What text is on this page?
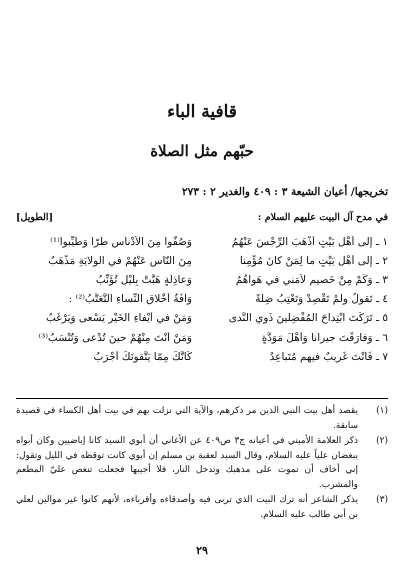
قافية الباء
حبّهم مثل الصلاة
تخريجها/ أعيان الشيعة ٣ : ٤٠٩ والغدير ٢ : ٢٧٣
في مدح آل البيت عليهم السلام :
[الطويل]
١ ـ إِلى أَهْلِ بَيْتٍ أَذْهَبَ الرِّجْسَ عَنْهُمُ
وَصُفّوا مِنَ الأَدْناسِ طُرّاً وَطُيِّبوا⁽¹⁾
٢ ـ إِلى أَهْلِ بَيْتٍ ما لِمَنْ كانَ مُؤْمِناً
مِنَ النّاسِ عَنْهُمْ في الوِلايَةِ مَذْهَبُ
٣ ـ وَكَمْ مِنْ خَصيمٍ لاُمَني في هَواهُمُ
وَعاذِلَةٍ هَبَّتْ بِلَيْلٍ تُؤَنِّبُ
٤ ـ تَقولُ ولَمْ تَقْصِدْ وَتَعْتِبُ ضِلَّةً
وَآفَةُ أَخْلاقِ النِّساءِ التَّعَتُّبُ⁽²⁾ :
٥ ـ تَرَكْتَ اَبْتِداحَ المُفْضِلينَ ذَوي النَّدى
وَمَنْ في أَيْفاءِ الخَيْرِ يَسْعى وَيَرْغَبُ
٦ ـ وَفارَقْتَ جيراناً وَأَهْلَ مَوَدَّةٍ
وَمَنْ أَنْتَ مِنْهُمْ حينَ تُدْعى وَتُنْسَبُ⁽³⁾
٧ ـ فَأَنْتَ غَريبٌ فيهِمِ مُتَباعِدٌ
كَأَنَّكَ مِمّا يَتَّقونَكَ أَجْرَبُ
(١)
يقصد أهل بيت النبي الذين مر ذكرهم، والآية التي نزلت بهم في بيت أهل الكساء في قصيدة سابقة.
(٢)
ذكر العلامة الأميني في أعيانه ج٣ ص٤٠٩ عن الأغاني أن أبوي السيد كانا إباضيين وكان أبواه يبغضان علياً عليه السلام، وقال السيد لعقبة بن مسلم إن أبوي كانت توقظه في الليل وتقول: إني أخاف أن تموت على مذهبك وتدخل النار، فلا أجيبها فجعلت تنغص عليّ المطعم والمشرب.
(٣)
يذكر الشاعر أنه ترك البيت الذي تربى فيه وأصدقاءه وأقرباءه، لأنهم كانوا غير موالين لعلي بن أبي طالب عليه السلام.
٢٩
